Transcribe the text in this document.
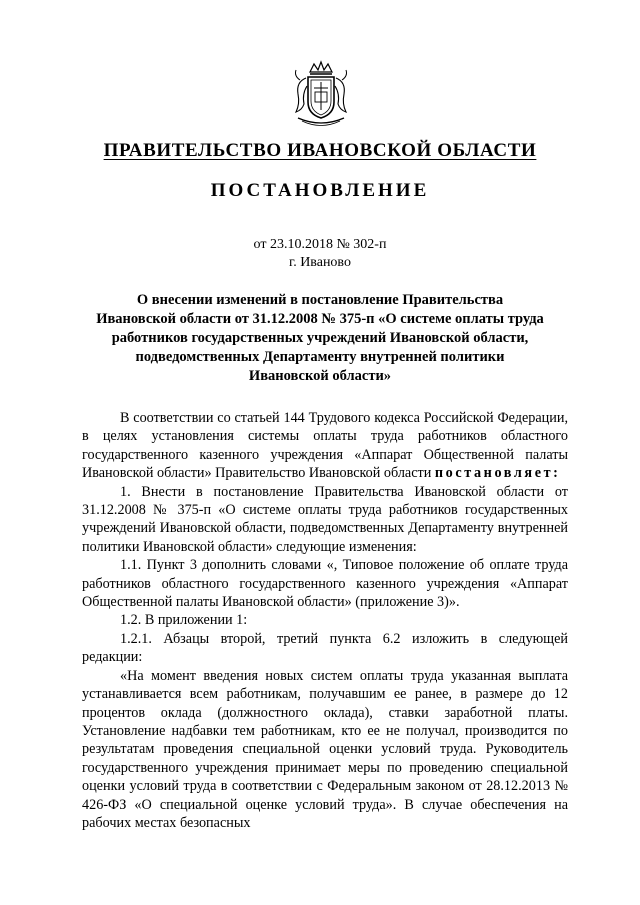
ПРАВИТЕЛЬСТВО ИВАНОВСКОЙ ОБЛАСТИ
ПОСТАНОВЛЕНИЕ
от 23.10.2018 № 302-п
г. Иваново
О внесении изменений в постановление Правительства
Ивановской области от 31.12.2008 № 375-п «О системе оплаты труда
работников государственных учреждений Ивановской области,
подведомственных Департаменту внутренней политики
Ивановской области»

В соответствии со статьей 144 Трудового кодекса Российской Федерации, в целях установления системы оплаты труда работников областного государственного казенного учреждения «Аппарат Общественной палаты Ивановской области» Правительство Ивановской области постановляет:

1. Внести в постановление Правительства Ивановской области от 31.12.2008 № 375-п «О системе оплаты труда работников государственных учреждений Ивановской области, подведомственных Департаменту внутренней политики Ивановской области» следующие изменения:

1.1. Пункт 3 дополнить словами «, Типовое положение об оплате труда работников областного государственного казенного учреждения «Аппарат Общественной палаты Ивановской области» (приложение 3)».

1.2. В приложении 1:

1.2.1. Абзацы второй, третий пункта 6.2 изложить в следующей редакции:

«На момент введения новых систем оплаты труда указанная выплата устанавливается всем работникам, получавшим ее ранее, в размере до 12 процентов оклада (должностного оклада), ставки заработной платы. Установление надбавки тем работникам, кто ее не получал, производится по результатам проведения специальной оценки условий труда. Руководитель государственного учреждения принимает меры по проведению специальной оценки условий труда в соответствии с Федеральным законом от 28.12.2013 № 426-ФЗ «О специальной оценке условий труда». В случае обеспечения на рабочих местах безопасных
